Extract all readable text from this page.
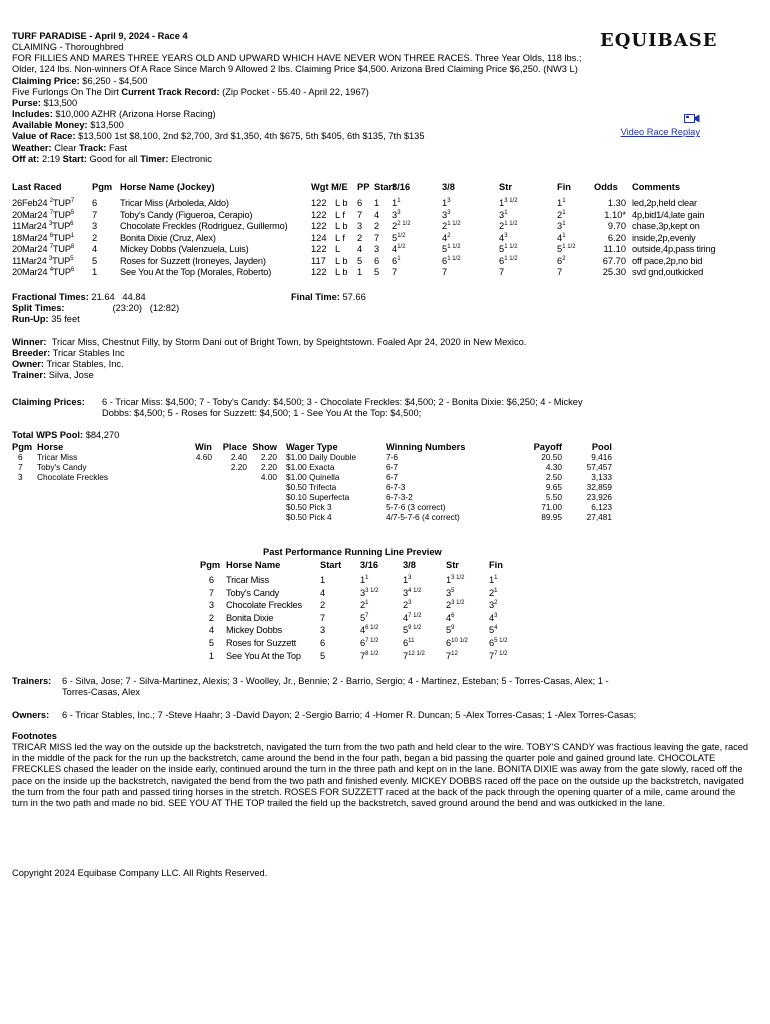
TURF PARADISE - April 9, 2024 - Race 4
CLAIMING - Thoroughbred
FOR FILLIES AND MARES THREE YEARS OLD AND UPWARD WHICH HAVE NEVER WON THREE RACES. Three Year Olds, 118 lbs.; Older, 124 lbs. Non-winners Of A Race Since March 9 Allowed 2 lbs. Claiming Price $4,500. Arizona Bred Claiming Price $6,250. (NW3 L) Claiming Price: $6,250 - $4,500
Five Furlongs On The Dirt Current Track Record: (Zip Pocket - 55.40 - April 22, 1967)
Purse: $13,500
Includes: $10,000 AZHR (Arizona Horse Racing)
Available Money: $13,500
Value of Race: $13,500 1st $8,100, 2nd $2,700, 3rd $1,350, 4th $675, 5th $405, 6th $135, 7th $135
Weather: Clear Track: Fast
Off at: 2:19 Start: Good for all Timer: Electronic
EQUIBASE
Video Race Replay
Last Raced	Pgm	Horse Name (Jockey)	Wgt M/E		PP	Start	3/16	3/8	Str	Fin	Odds	Comments
26Feb24 $^2$TUP$^7$	6	Tricar Miss (Arboleda, Aldo)	122	L b	6	1	$1^1$	$1^3$	$1^{3 1/2}$	$1^1$	1.30	led,2p,held clear
20Mar24 $^7$TUP$^5$	7	Toby's Candy (Figueroa, Cerapio)	122	L f	7	4	$3^3$	$3^3$	$3^1$	$2^1$	1.10*	4p,bid1/4,late gain
11Mar24 $^3$TUP$^6$	3	Chocolate Freckles (Rodriguez, Guillermo)	122	L b	3	2	$2^{2 1/2}$	$2^{1 1/2}$	$2^{1 1/2}$	$3^1$	9.70	chase,3p,kept on
18Mar24 $^6$TUP$^1$	2	Bonita Dixie (Cruz, Alex)	124	L f	2	7	$5^{1/2}$	$4^2$	$4^3$	$4^1$	6.20	inside,2p,evenly
20Mar24 $^7$TUP$^8$	4	Mickey Dobbs (Valenzuela, Luis)	122	L	4	3	$4^{1/2}$	$5^{1 1/2}$	$5^{1 1/2}$	$5^{1 1/2}$	11.10	outside,4p,pass tiring
11Mar24 $^3$TUP$^5$	5	Roses for Suzzett (Ironeyes, Jayden)	117	L b	5	6	$6^1$	$6^{1 1/2}$	$6^{1 1/2}$	$6^2$	67.70	off pace,2p,no bid
20Mar24 $^4$TUP$^6$	1	See You At the Top (Morales, Roberto)	122	L b	1	5	7	7	7	7	25.30	svd gnd,outkicked
Fractional Times: 21.64   44.84
Split Times:	(23:20)   (12:82)
Run-Up: 35 feet
Final Time: 57.66
Winner: Tricar Miss, Chestnut Filly, by Storm Dani out of Bright Town, by Speightstown. Foaled Apr 24, 2020 in New Mexico.
Breeder: Tricar Stables Inc
Owner: Tricar Stables, Inc.
Trainer: Silva, Jose
Claiming Prices: 6 - Tricar Miss: $4,500; 7 - Toby's Candy: $4,500; 3 - Chocolate Freckles: $4,500; 2 - Bonita Dixie: $6,250; 4 - Mickey
Dobbs: $4,500; 5 - Roses for Suzzett: $4,500; 1 - See You At the Top: $4,500;
Total WPS Pool: $84,270
Pgm	Horse	Win	Place	Show
6	Tricar Miss	4.60	2.40	2.20
7	Toby's Candy		2.20	2.20
3	Chocolate Freckles			4.00
Wager Type	Winning Numbers	Payoff	Pool
$1.00 Daily Double	7-6	20.50	9,416
$1.00 Exacta	6-7	4.30	57,457
$1.00 Quinella	6-7	2.50	3,133
$0.50 Trifecta	6-7-3	9.65	32,859
$0.10 Superfecta	6-7-3-2	5.50	23,926
$0.50 Pick 3	5-7-6 (3 correct)	71.00	6,123
$0.50 Pick 4	4/7-5-7-6 (4 correct)	89.95	27,481
Past Performance Running Line Preview
Pgm	Horse Name	Start	3/16	3/8	Str	Fin
6	Tricar Miss	1	$1^1$	$1^3$	$1^{3 1/2}$	$1^1$
7	Toby's Candy	4	$3^{3 1/2}$	$3^{4 1/2}$	$3^5$	$2^1$
3	Chocolate Freckles	2	$2^1$	$2^3$	$2^{3 1/2}$	$3^2$
2	Bonita Dixie	7	$5^7$	$4^{7 1/2}$	$4^6$	$4^3$
4	Mickey Dobbs	3	$4^{6 1/2}$	$5^{9 1/2}$	$5^9$	$5^4$
5	Roses for Suzzett	6	$6^{7 1/2}$	$6^{11}$	$6^{10 1/2}$	$6^{5 1/2}$
1	See You At the Top	5	$7^{8 1/2}$	$7^{12 1/2}$	$7^{12}$	$7^{7 1/2}$
Trainers: 6 - Silva, Jose; 7 - Silva-Martinez, Alexis; 3 - Woolley, Jr., Bennie; 2 - Barrio, Sergio; 4 - Martinez, Esteban; 5 - Torres-Casas, Alex; 1 -
Torres-Casas, Alex
Owners: 6 - Tricar Stables, Inc.; 7 -Steve Haahr; 3 -David Dayon; 2 -Sergio Barrio; 4 -Homer R. Duncan; 5 -Alex Torres-Casas; 1 -Alex Torres-Casas;
Footnotes
TRICAR MISS led the way on the outside up the backstretch, navigated the turn from the two path and held clear to the wire. TOBY'S CANDY was fractious leaving the gate, raced in the middle of the pack for the run up the backstretch, came around the bend in the four path, began a bid passing the quarter pole and gained ground late. CHOCOLATE FRECKLES chased the leader on the inside early, continued around the turn in the three path and kept on in the lane. BONITA DIXIE was away from the gate slowly, raced off the pace on the inside up the backstretch, navigated the bend from the two path and finished evenly. MICKEY DOBBS raced off the pace on the outside up the backstretch, navigated the turn from the four path and passed tiring horses in the stretch. ROSES FOR SUZZETT raced at the back of the pack through the opening quarter of a mile, came around the turn in the two path and made no bid. SEE YOU AT THE TOP trailed the field up the backstretch, saved ground around the bend and was outkicked in the lane.
Copyright 2024 Equibase Company LLC. All Rights Reserved.
